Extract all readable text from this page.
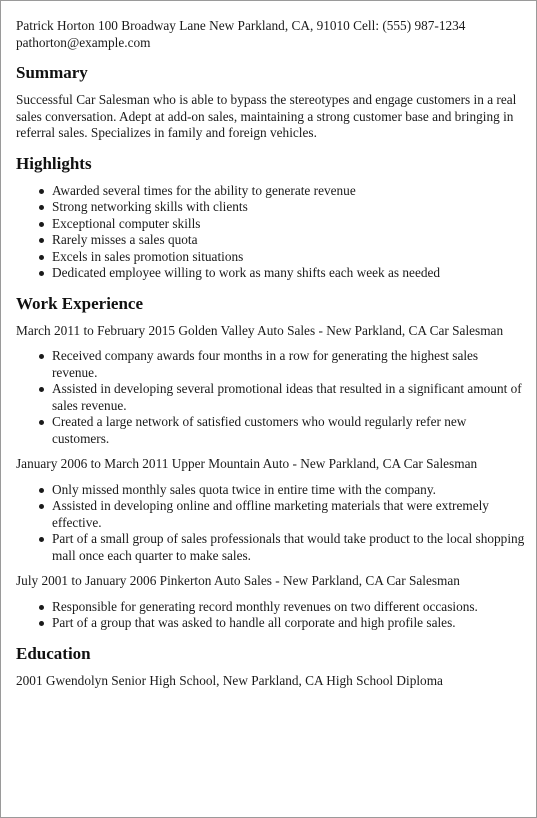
Patrick Horton 100 Broadway Lane New Parkland, CA, 91010 Cell: (555) 987-1234 pathorton@example.com

Summary

Successful Car Salesman who is able to bypass the stereotypes and engage customers in a real sales conversation. Adept at add-on sales, maintaining a strong customer base and bringing in referral sales. Specializes in family and foreign vehicles.

Highlights
Awarded several times for the ability to generate revenue
Strong networking skills with clients
Exceptional computer skills
Rarely misses a sales quota
Excels in sales promotion situations
Dedicated employee willing to work as many shifts each week as needed
Work Experience

March 2011 to February 2015 Golden Valley Auto Sales - New Parkland, CA Car Salesman

Received company awards four months in a row for generating the highest sales revenue.
Assisted in developing several promotional ideas that resulted in a significant amount of sales revenue.
Created a large network of satisfied customers who would regularly refer new customers.

January 2006 to March 2011 Upper Mountain Auto - New Parkland, CA Car Salesman

Only missed monthly sales quota twice in entire time with the company.
Assisted in developing online and offline marketing materials that were extremely effective.
Part of a small group of sales professionals that would take product to the local shopping mall once each quarter to make sales.

July 2001 to January 2006 Pinkerton Auto Sales - New Parkland, CA Car Salesman

Responsible for generating record monthly revenues on two different occasions.
Part of a group that was asked to handle all corporate and high profile sales.
Education

2001 Gwendolyn Senior High School, New Parkland, CA High School Diploma
